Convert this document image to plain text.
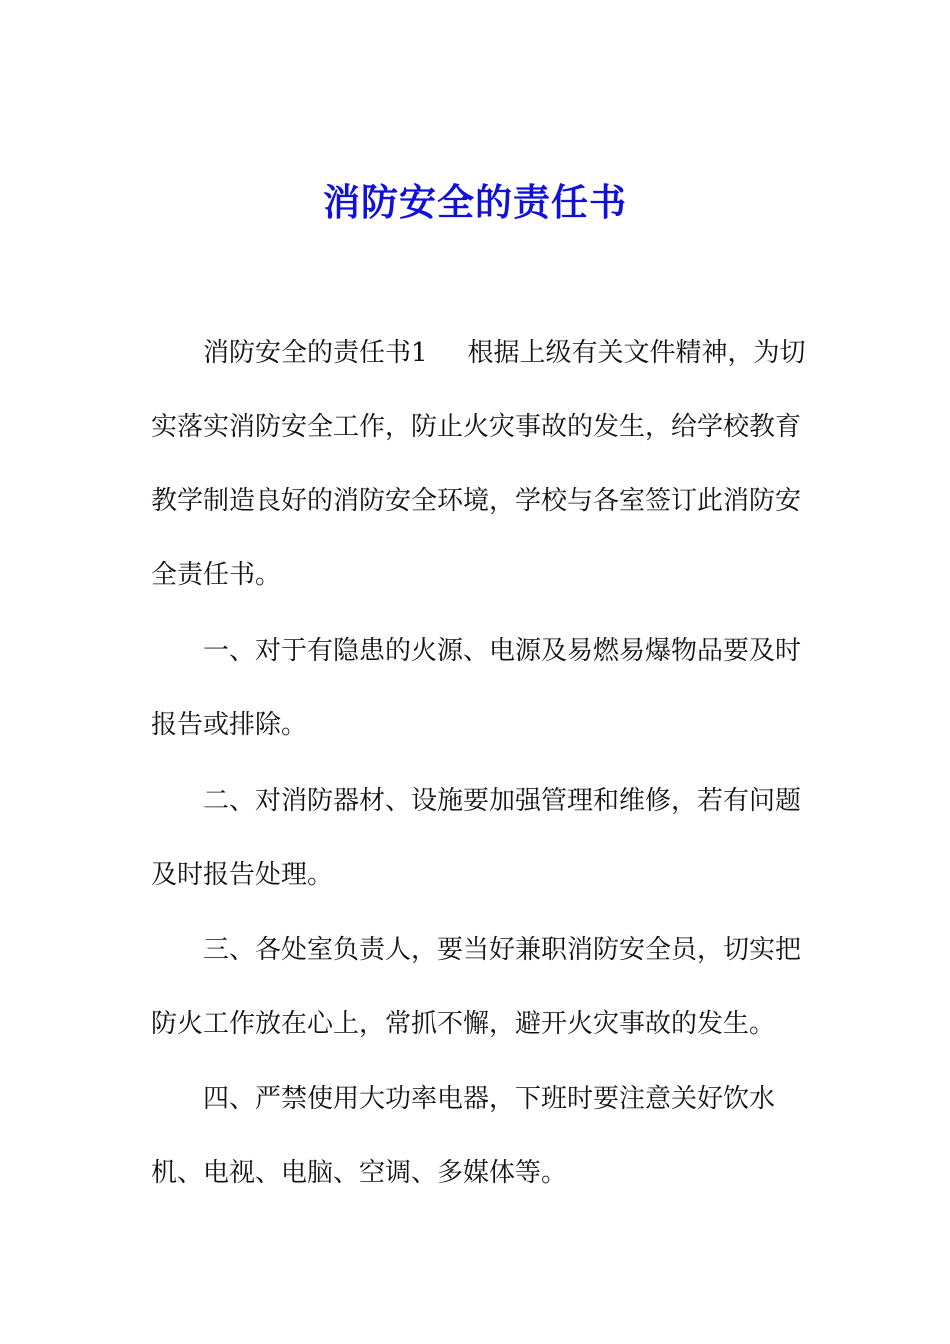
消防安全的责任书
消防安全的责任书1 根据上级有关文件精神，为切
实落实消防安全工作，防止火灾事故的发生，给学校教育
教学制造良好的消防安全环境，学校与各室签订此消防安
全责任书。
一、对于有隐患的火源、电源及易燃易爆物品要及时
报告或排除。
二、对消防器材、设施要加强管理和维修，若有问题
及时报告处理。
三、各处室负责人，要当好兼职消防安全员，切实把
防火工作放在心上，常抓不懈，避开火灾事故的发生。
四、严禁使用大功率电器，下班时要注意关好饮水
机、电视、电脑、空调、多媒体等。
